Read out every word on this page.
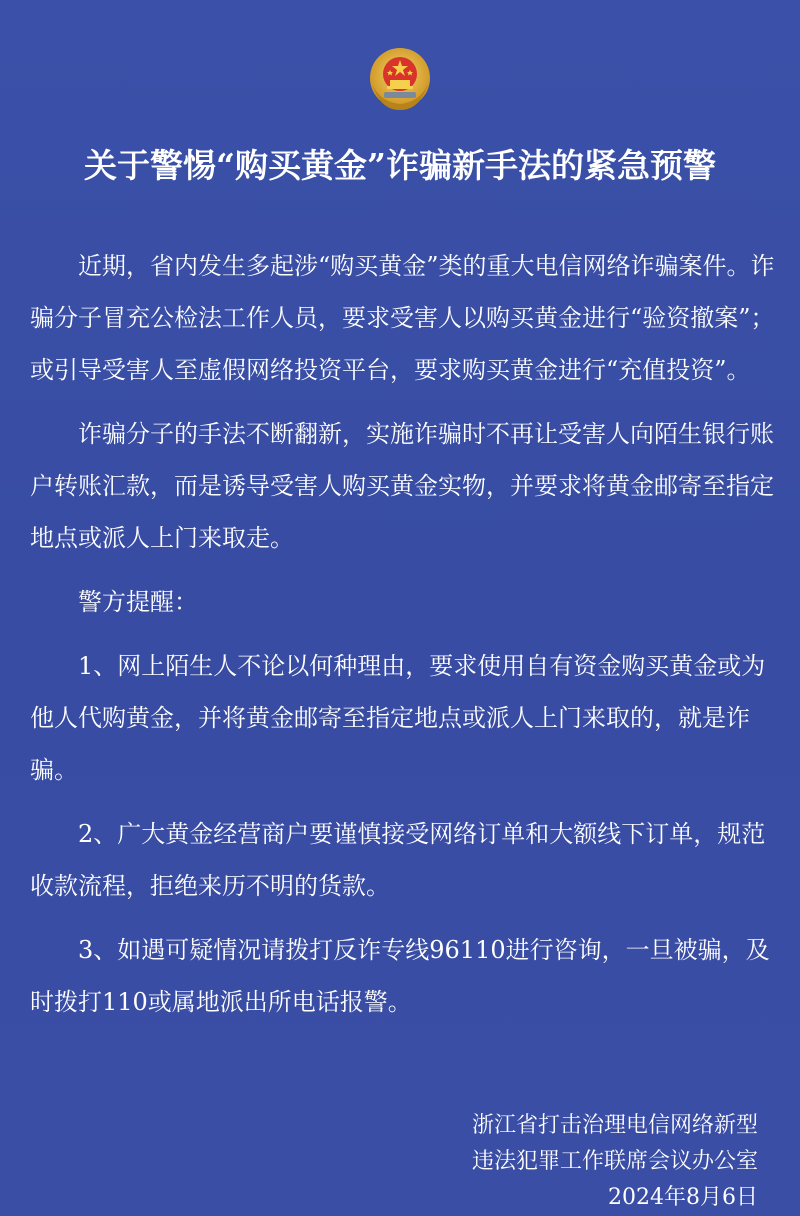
关于警惕“购买黄金”诈骗新手法的紧急预警

近期，省内发生多起涉“购买黄金”类的重大电信网络诈骗案件。诈骗分子冒充公检法工作人员，要求受害人以购买黄金进行“验资撤案”；或引导受害人至虚假网络投资平台，要求购买黄金进行“充值投资”。

诈骗分子的手法不断翻新，实施诈骗时不再让受害人向陌生银行账户转账汇款，而是诱导受害人购买黄金实物，并要求将黄金邮寄至指定地点或派人上门来取走。

警方提醒：

1、网上陌生人不论以何种理由，要求使用自有资金购买黄金或为他人代购黄金，并将黄金邮寄至指定地点或派人上门来取的，就是诈骗。

2、广大黄金经营商户要谨慎接受网络订单和大额线下订单，规范收款流程，拒绝来历不明的货款。

3、如遇可疑情况请拨打反诈专线96110进行咨询，一旦被骗，及时拨打110或属地派出所电话报警。

浙江省打击治理电信网络新型
违法犯罪工作联席会议办公室
2024年8月6日
